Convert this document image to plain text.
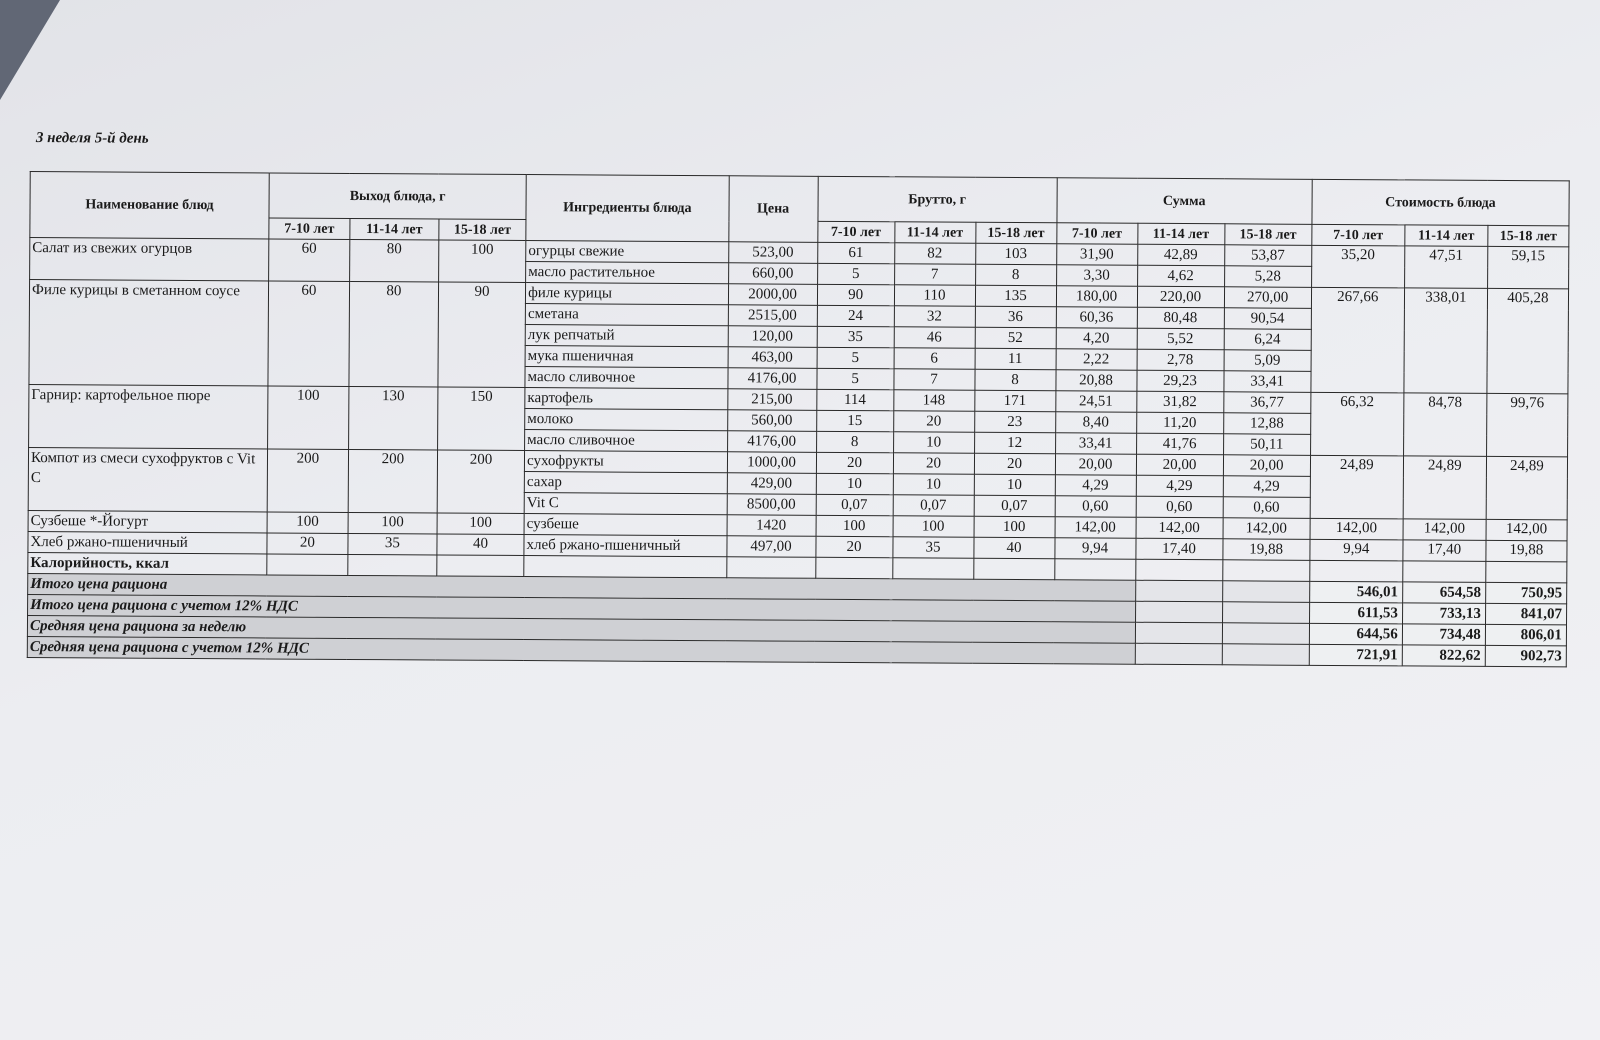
3 неделя 5-й день
Наименование блюд	Выход блюда, г			Ингредиенты блюда	Цена	Брутто, г			Сумма			Стоимость блюда		
	7-10 лет	11-14 лет	15-18 лет			7-10 лет	11-14 лет	15-18 лет	7-10 лет	11-14 лет	15-18 лет	7-10 лет	11-14 лет	15-18 лет
Салат из свежих огурцов	60	80	100	огурцы свежие	523,00	61	82	103	31,90	42,89	53,87	35,20	47,51	59,15
				масло растительное	660,00	5	7	8	3,30	4,62	5,28			
Филе курицы в сметанном соусе	60	80	90	филе курицы	2000,00	90	110	135	180,00	220,00	270,00	267,66	338,01	405,28
				сметана	2515,00	24	32	36	60,36	80,48	90,54			
				лук репчатый	120,00	35	46	52	4,20	5,52	6,24			
				мука пшеничная	463,00	5	6	11	2,22	2,78	5,09			
				масло сливочное	4176,00	5	7	8	20,88	29,23	33,41			
Гарнир: картофельное пюре	100	130	150	картофель	215,00	114	148	171	24,51	31,82	36,77	66,32	84,78	99,76
				молоко	560,00	15	20	23	8,40	11,20	12,88			
				масло сливочное	4176,00	8	10	12	33,41	41,76	50,11			
Компот из смеси сухофруктов с Vit C	200	200	200	сухофрукты	1000,00	20	20	20	20,00	20,00	20,00	24,89	24,89	24,89
				сахар	429,00	10	10	10	4,29	4,29	4,29			
				Vit C	8500,00	0,07	0,07	0,07	0,60	0,60	0,60			
Сузбеше *-Йогурт	100	100	100	сузбеше	1420	100	100	100	142,00	142,00	142,00	142,00	142,00	142,00
Хлеб ржано-пшеничный	20	35	40	хлеб ржано-пшеничный	497,00	20	35	40	9,94	17,40	19,88	9,94	17,40	19,88
Калорийность, ккал														
Итого цена рациона												546,01	654,58	750,95
Итого цена рациона с учетом 12% НДС												611,53	733,13	841,07
Средняя цена рациона за неделю												644,56	734,48	806,01
Средняя цена рациона с учетом 12% НДС												721,91	822,62	902,73
